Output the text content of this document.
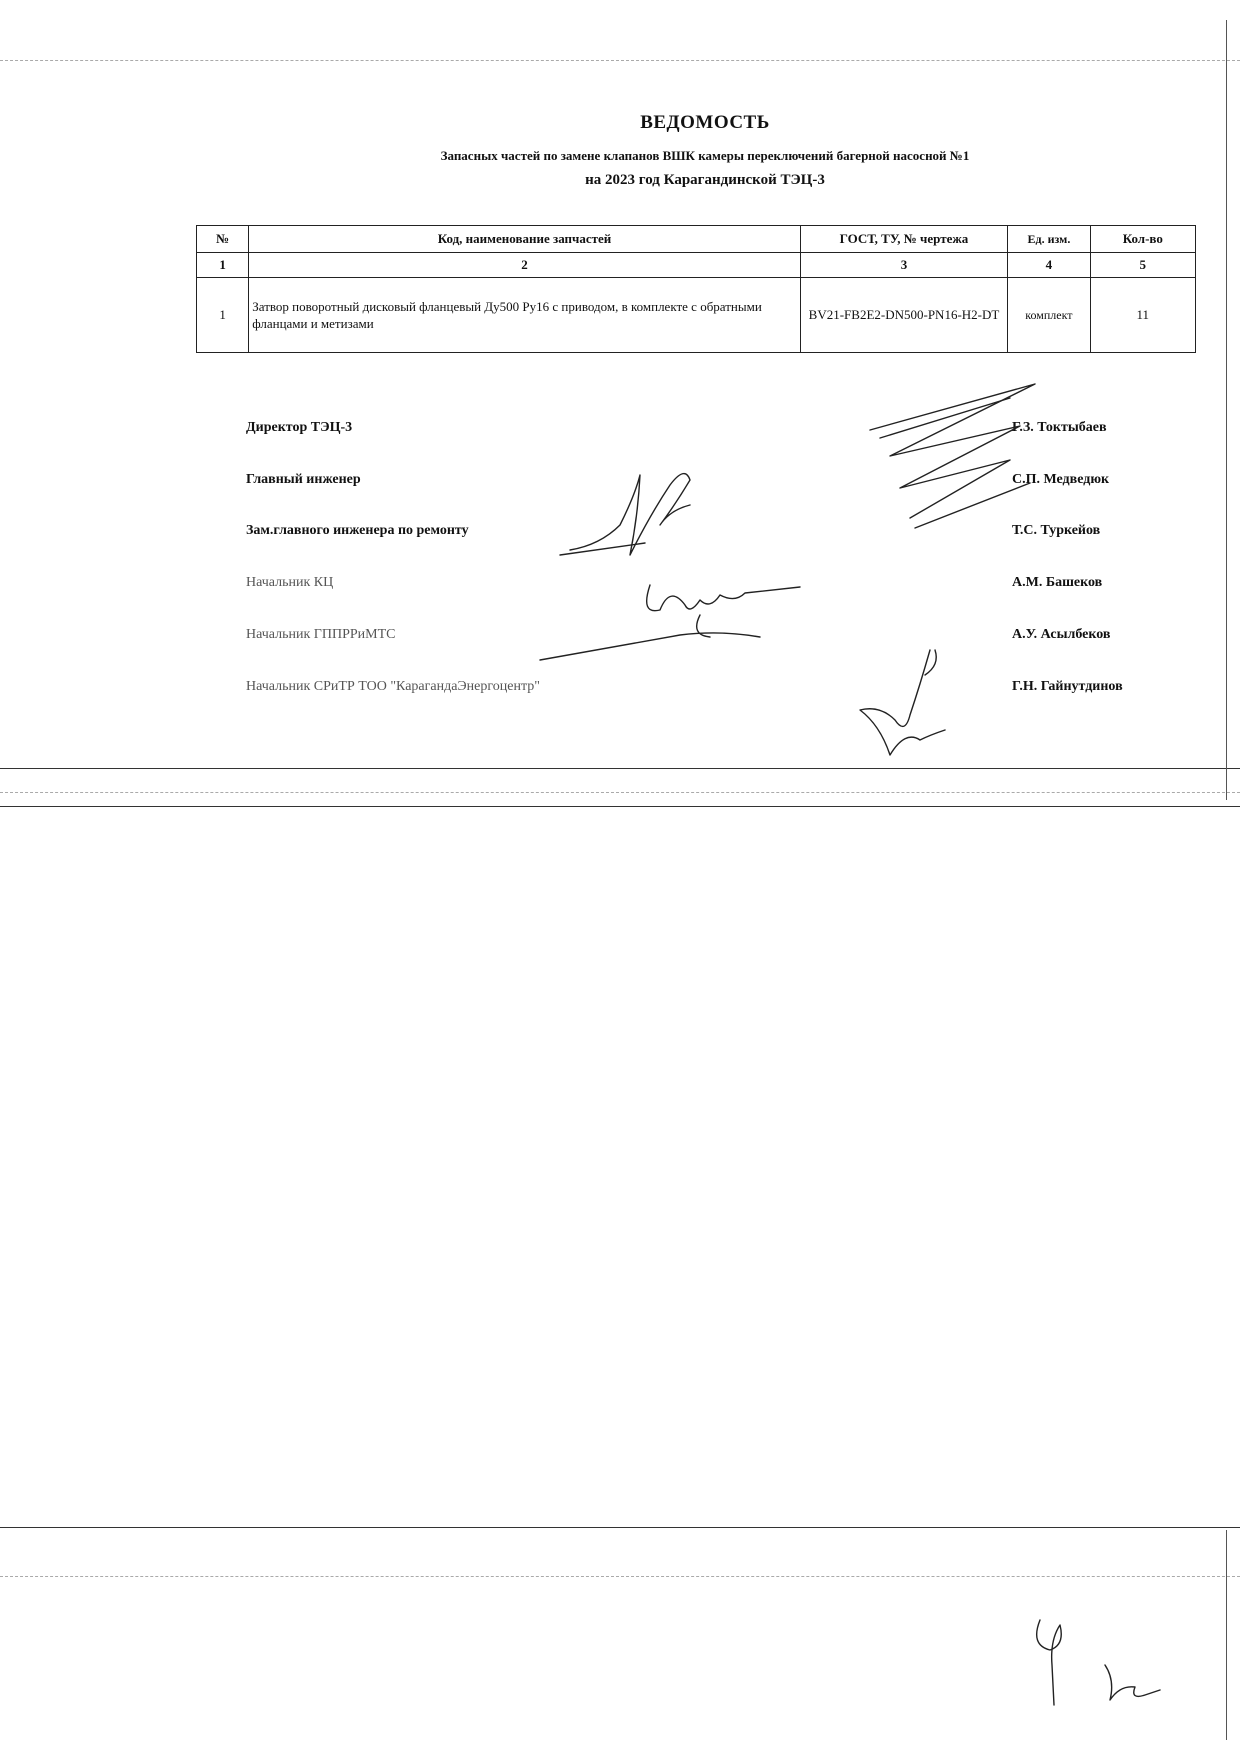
ВЕДОМОСТЬ
Запасных частей по замене клапанов ВШК камеры переключений багерной насосной №1
на 2023 год Карагандинской ТЭЦ-3
№	Код, наименование запчастей	ГОСТ, ТУ, № чертежа	Ед. изм.	Кол-во
1	2	3	4	5
1	Затвор поворотный дисковый фланцевый Ду500 Ру16 с приводом, в комплекте с обратными фланцами и метизами	BV21-FB2E2-DN500-PN16-H2-DT	комплект	11
Директор ТЭЦ-3	Г.З. Токтыбаев
Главный инженер	С.П. Медведюк
Зам.главного инженера по ремонту	Т.С. Туркейов
Начальник КЦ	А.М. Башеков
Начальник ГППРРиМТС	А.У. Асылбеков
Начальник СРиТР ТОО "КарагандаЭнергоцентр"	Г.Н. Гайнутдинов
